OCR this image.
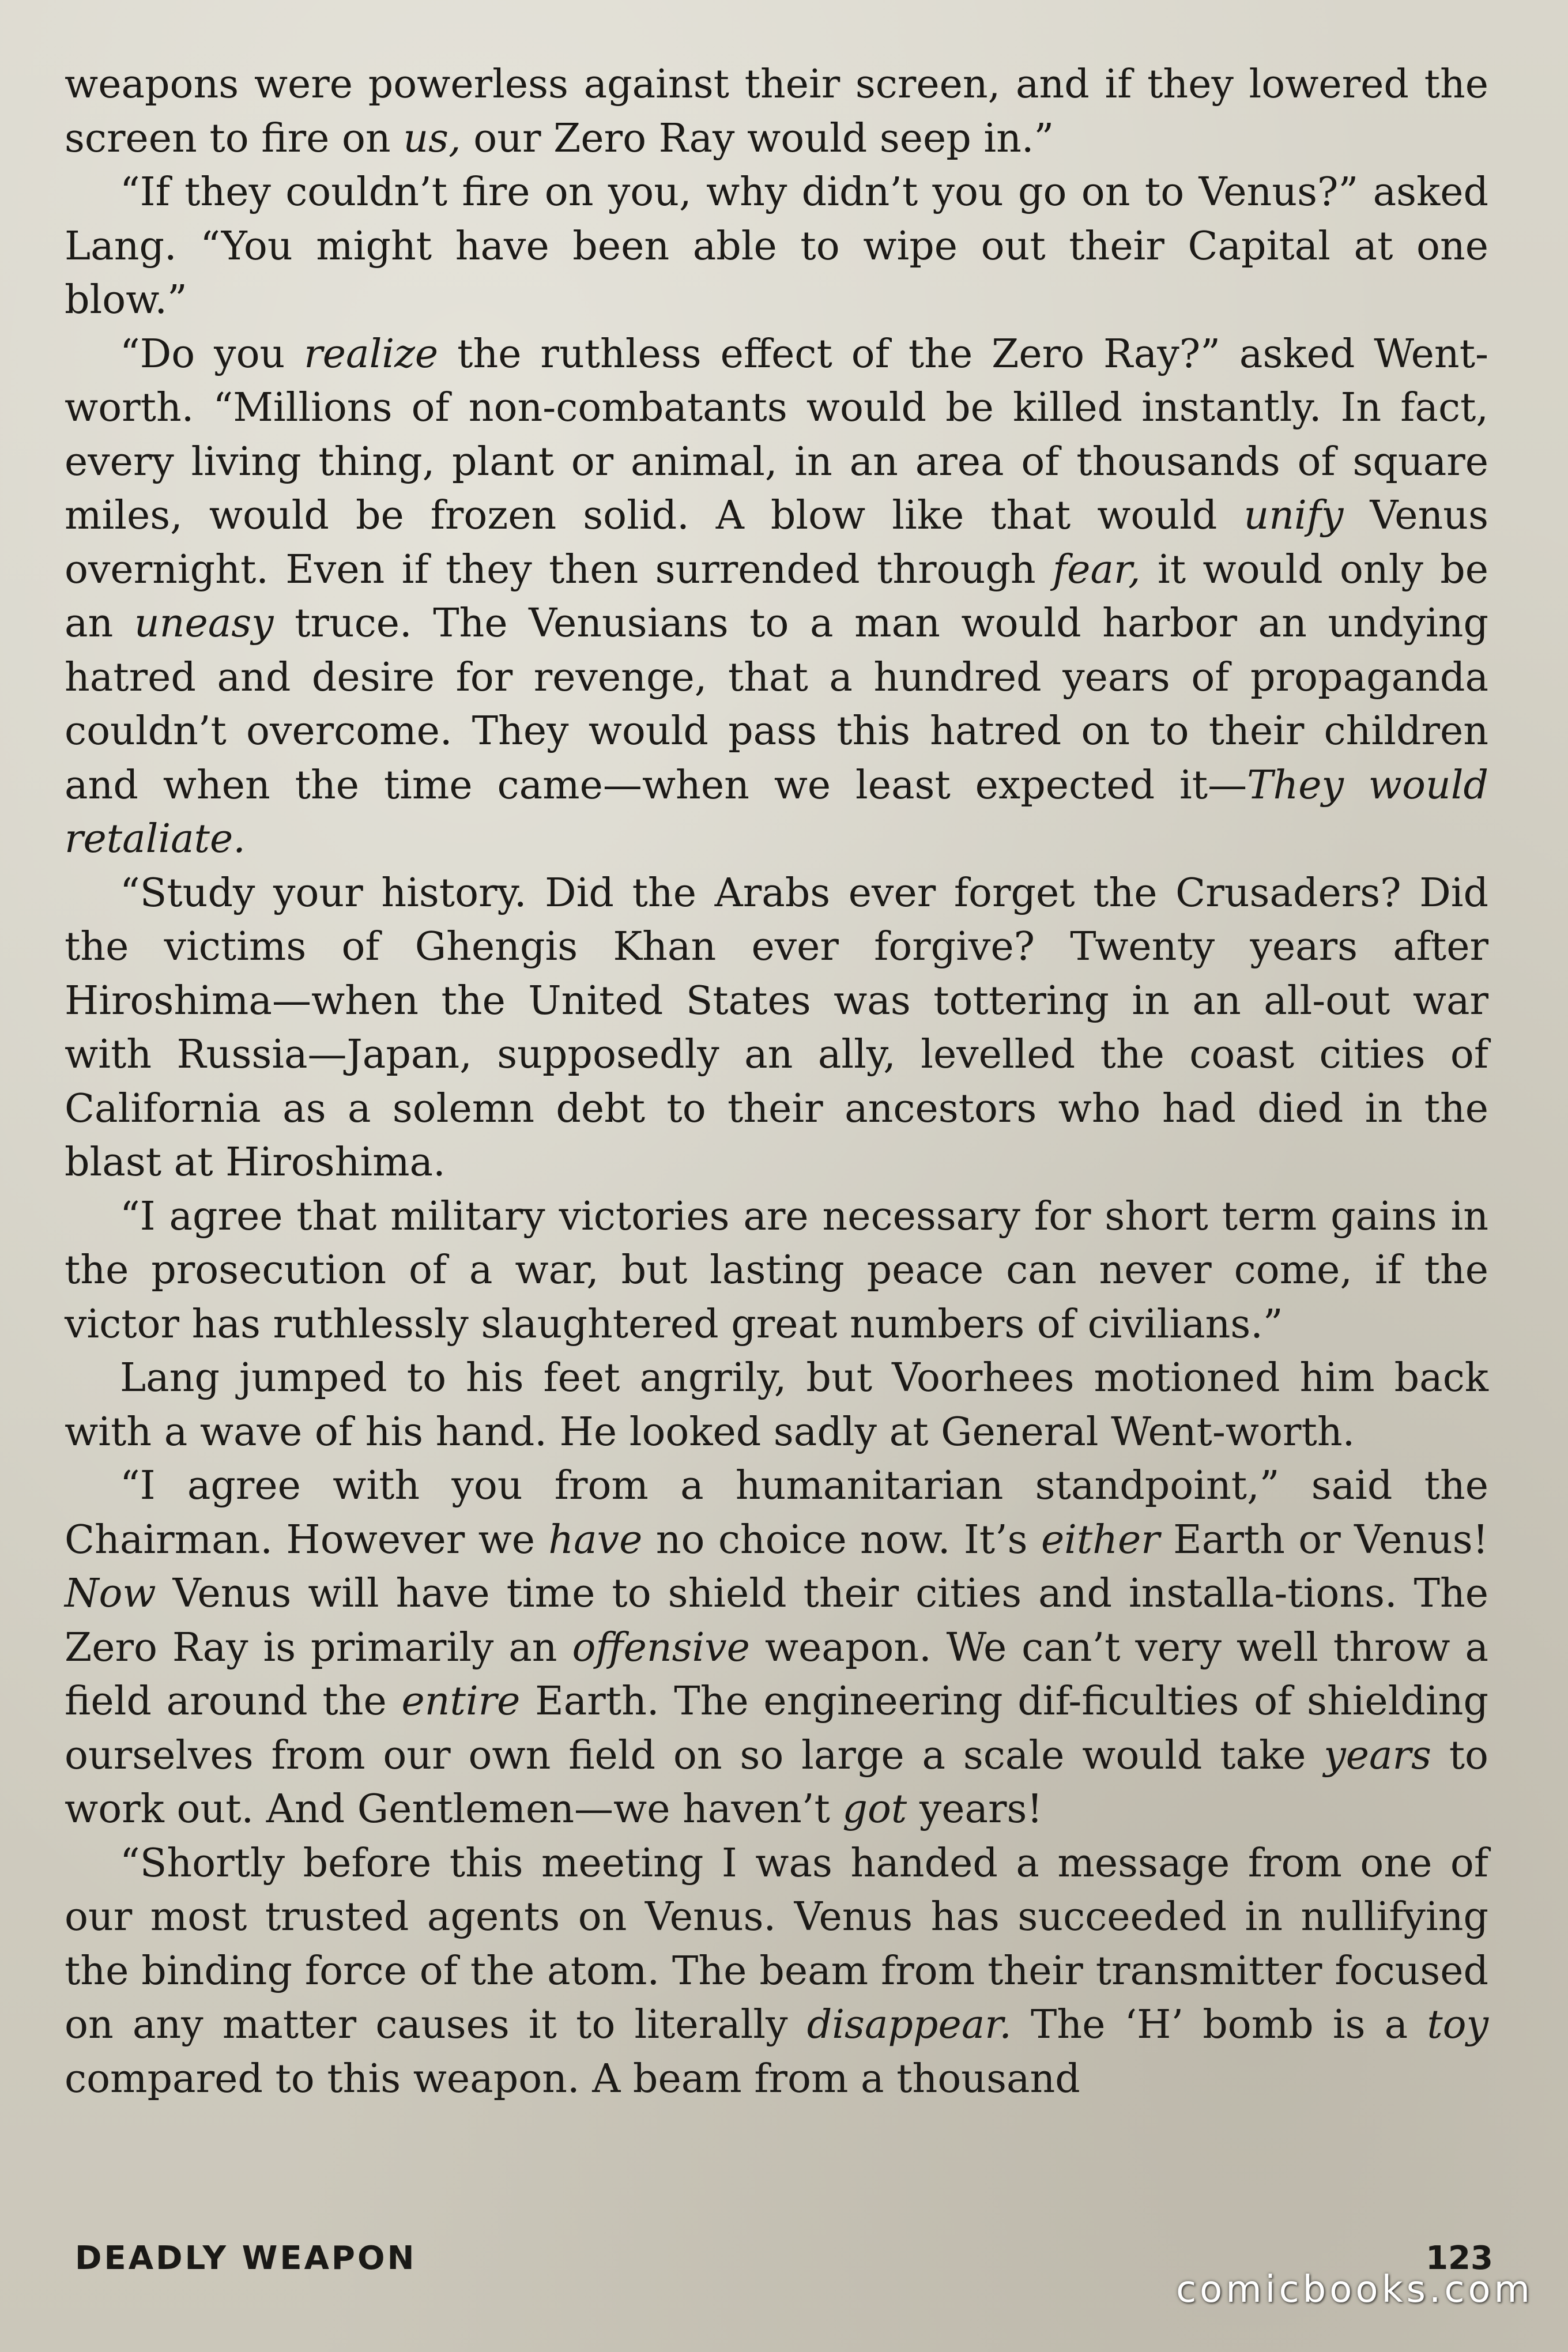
weapons were powerless against their screen, and if they lowered the screen to fire on us, our Zero Ray would seep in.”

“If they couldn’t fire on you, why didn’t you go on to Venus?” asked Lang. “You might have been able to wipe out their Capital at one blow.”

“Do you realize the ruthless effect of the Zero Ray?” asked Went-worth. “Millions of non-combatants would be killed instantly. In fact, every living thing, plant or animal, in an area of thousands of square miles, would be frozen solid. A blow like that would unify Venus overnight. Even if they then surrended through fear, it would only be an uneasy truce. The Venusians to a man would harbor an undying hatred and desire for revenge, that a hundred years of propaganda couldn’t overcome. They would pass this hatred on to their children and when the time came—when we least expected it—They would retaliate.

“Study your history. Did the Arabs ever forget the Crusaders? Did the victims of Ghengis Khan ever forgive? Twenty years after Hiroshima—when the United States was tottering in an all-out war with Russia—Japan, supposedly an ally, levelled the coast cities of California as a solemn debt to their ancestors who had died in the blast at Hiroshima.

“I agree that military victories are necessary for short term gains in the prosecution of a war, but lasting peace can never come, if the victor has ruthlessly slaughtered great numbers of civilians.”

Lang jumped to his feet angrily, but Voorhees motioned him back with a wave of his hand. He looked sadly at General Went-worth.

“I agree with you from a humanitarian standpoint,” said the Chairman. However we have no choice now. It’s either Earth or Venus! Now Venus will have time to shield their cities and installa-tions. The Zero Ray is primarily an offensive weapon. We can’t very well throw a field around the entire Earth. The engineering dif-ficulties of shielding ourselves from our own field on so large a scale would take years to work out. And Gentlemen—we haven’t got years!

“Shortly before this meeting I was handed a message from one of our most trusted agents on Venus. Venus has succeeded in nullifying the binding force of the atom. The beam from their transmitter focused on any matter causes it to literally disappear. The ‘H’ bomb is a toy compared to this weapon. A beam from a thousand

DEADLY WEAPON	123
comicbooks.com
